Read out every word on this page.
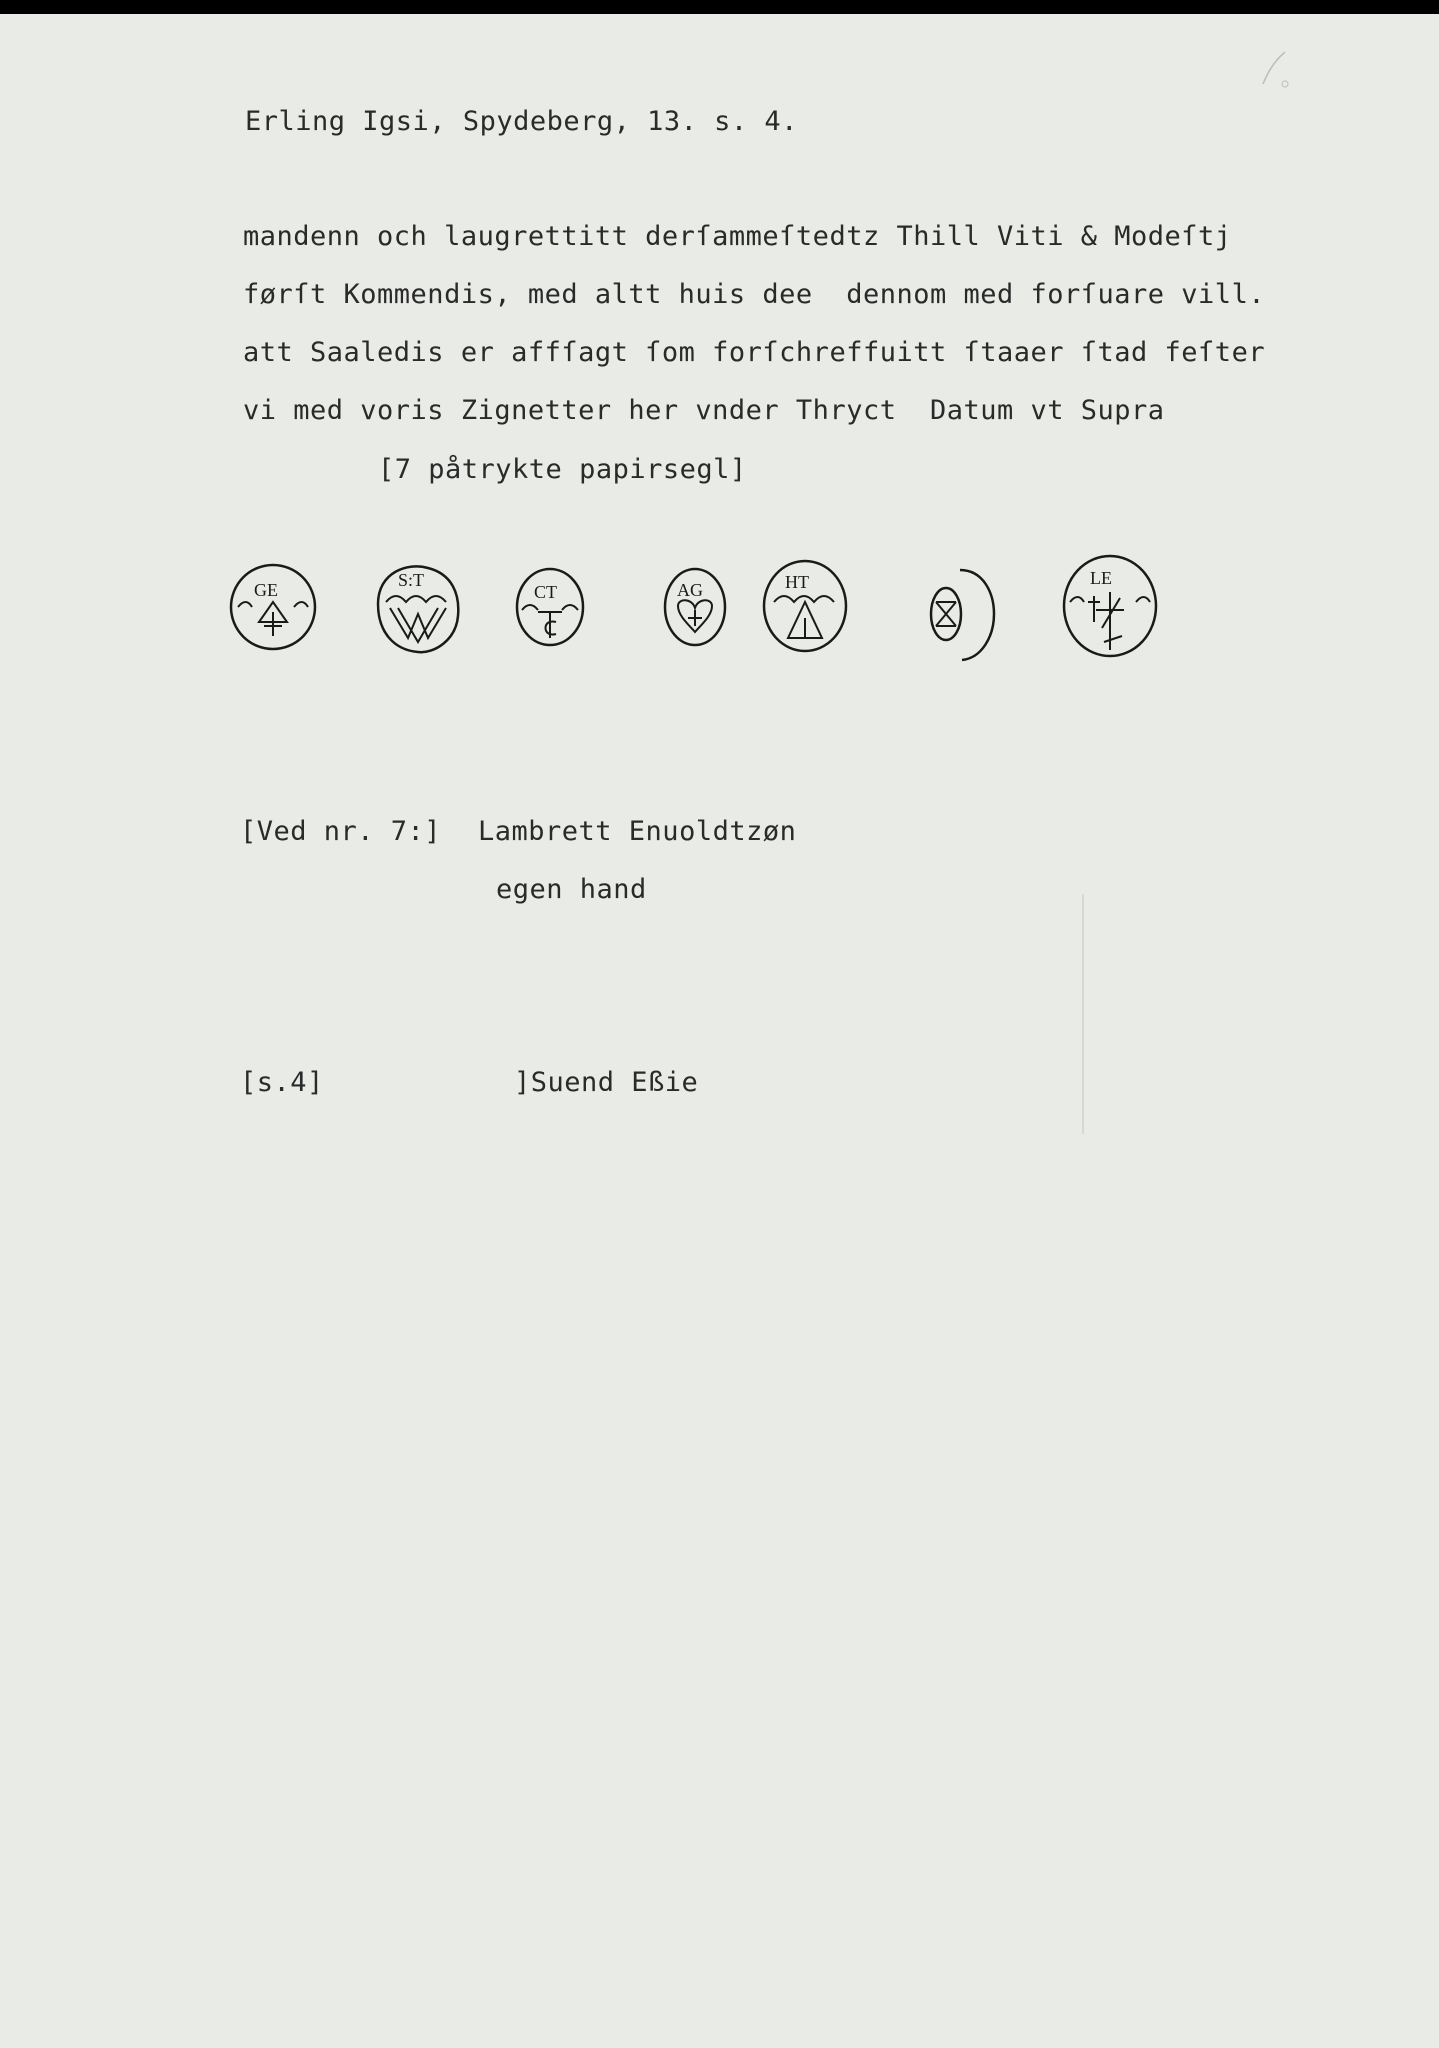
Erling Igsi, Spydeberg, 13. s. 4.
mandenn och laugrettitt derſammeſtedtz Thill Viti & Modeſtj
førſt Kommendis, med altt huis dee  dennom med forſuare vill.
att Saaledis er affſagt ſom forſchreffuitt ſtaaer ſtad feſter
vi med voris Zignetter her vnder Thryct  Datum vt Supra
[7 påtrykte papirsegl]
GE	S:T
CT	AG	HT	LE
[Ved nr. 7:] Lambrett Enuoldtzøn
egen hand
[s.4]	]Suend Eßie
